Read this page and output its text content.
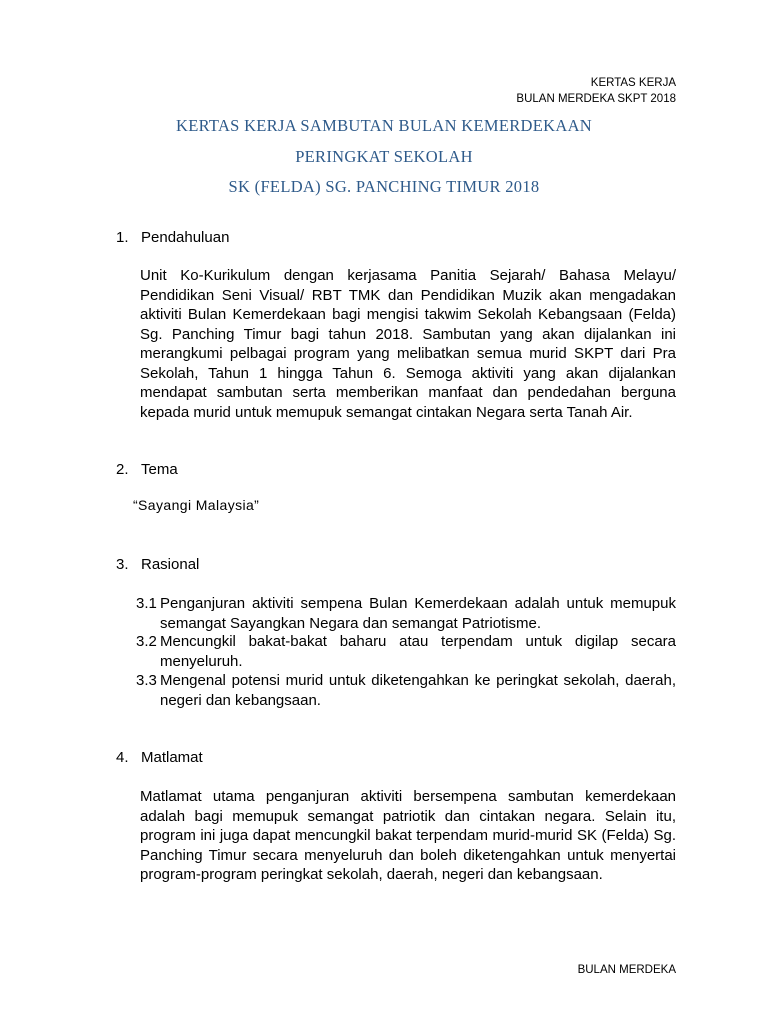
KERTAS KERJA
BULAN MERDEKA SKPT 2018
KERTAS KERJA SAMBUTAN BULAN KEMERDEKAAN
PERINGKAT SEKOLAH
SK (FELDA) SG. PANCHING TIMUR 2018
1. Pendahuluan
Unit Ko-Kurikulum dengan kerjasama Panitia Sejarah/ Bahasa Melayu/ Pendidikan Seni Visual/ RBT TMK dan Pendidikan Muzik akan mengadakan aktiviti Bulan Kemerdekaan bagi mengisi takwim Sekolah Kebangsaan (Felda) Sg. Panching Timur bagi tahun 2018. Sambutan yang akan dijalankan ini merangkumi pelbagai program yang melibatkan semua murid SKPT dari Pra Sekolah, Tahun 1 hingga Tahun 6. Semoga aktiviti yang akan dijalankan mendapat sambutan serta memberikan manfaat dan pendedahan berguna kepada murid untuk memupuk semangat cintakan Negara serta Tanah Air.
2. Tema
“Sayangi Malaysia”
3. Rasional
3.1 Penganjuran aktiviti sempena Bulan Kemerdekaan adalah untuk memupuk semangat Sayangkan Negara dan semangat Patriotisme.
3.2 Mencungkil bakat-bakat baharu atau terpendam untuk digilap secara menyeluruh.
3.3 Mengenal potensi murid untuk diketengahkan ke peringkat sekolah, daerah, negeri dan kebangsaan.
4. Matlamat
Matlamat utama penganjuran aktiviti bersempena sambutan kemerdekaan adalah bagi memupuk semangat patriotik dan cintakan negara. Selain itu, program ini juga dapat mencungkil bakat terpendam murid-murid SK (Felda) Sg. Panching Timur secara menyeluruh dan boleh diketengahkan untuk menyertai program-program peringkat sekolah, daerah, negeri dan kebangsaan.
BULAN MERDEKA
